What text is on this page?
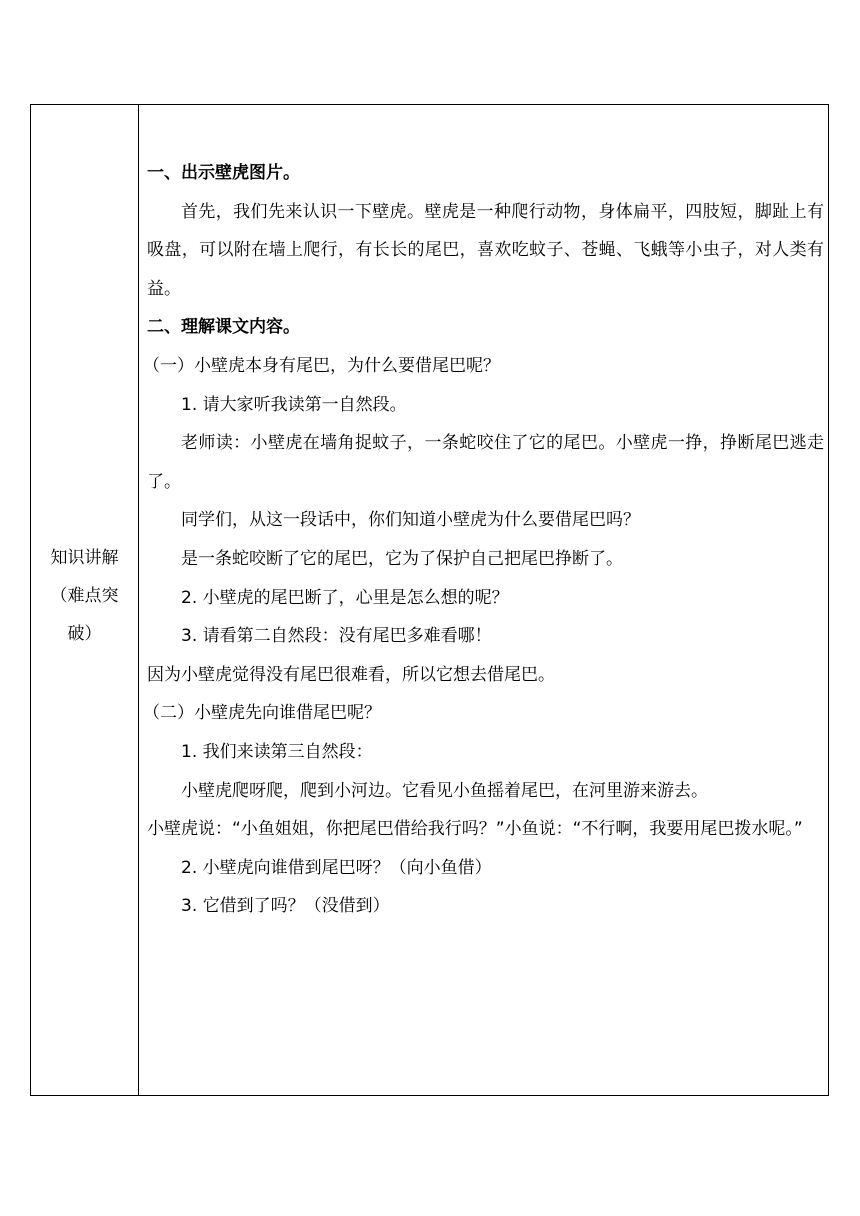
知识讲解
（难点突
破）

一、出示壁虎图片。

首先，我们先来认识一下壁虎。壁虎是一种爬行动物，身体扁平，四肢短，脚趾上有吸盘，可以附在墙上爬行，有长长的尾巴，喜欢吃蚊子、苍蝇、飞蛾等小虫子，对人类有益。

二、理解课文内容。

（一）小壁虎本身有尾巴，为什么要借尾巴呢？

1. 请大家听我读第一自然段。

老师读：小壁虎在墙角捉蚊子，一条蛇咬住了它的尾巴。小壁虎一挣，挣断尾巴逃走了。

同学们，从这一段话中，你们知道小壁虎为什么要借尾巴吗？

是一条蛇咬断了它的尾巴，它为了保护自己把尾巴挣断了。

2. 小壁虎的尾巴断了，心里是怎么想的呢？

3. 请看第二自然段：没有尾巴多难看哪！

因为小壁虎觉得没有尾巴很难看，所以它想去借尾巴。

（二）小壁虎先向谁借尾巴呢？

1. 我们来读第三自然段：

小壁虎爬呀爬，爬到小河边。它看见小鱼摇着尾巴，在河里游来游去。

小壁虎说：“小鱼姐姐，你把尾巴借给我行吗？”小鱼说：“不行啊，我要用尾巴拨水呢。”

2. 小壁虎向谁借到尾巴呀？（向小鱼借）

3. 它借到了吗？（没借到）
